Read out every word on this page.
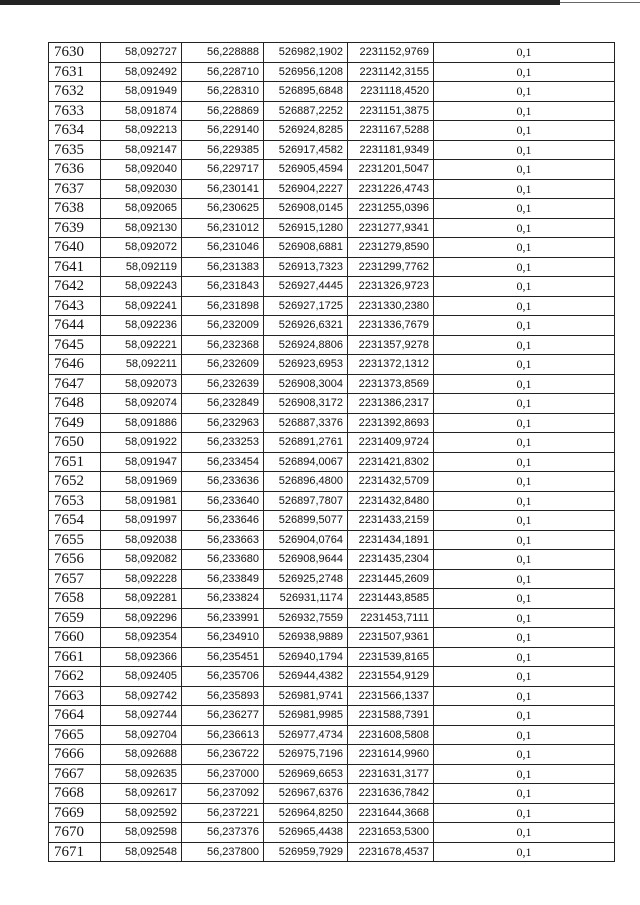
7630	58,092727	56,228888	526982,1902	2231152,9769	0,1
7631	58,092492	56,228710	526956,1208	2231142,3155	0,1
7632	58,091949	56,228310	526895,6848	2231118,4520	0,1
7633	58,091874	56,228869	526887,2252	2231151,3875	0,1
7634	58,092213	56,229140	526924,8285	2231167,5288	0,1
7635	58,092147	56,229385	526917,4582	2231181,9349	0,1
7636	58,092040	56,229717	526905,4594	2231201,5047	0,1
7637	58,092030	56,230141	526904,2227	2231226,4743	0,1
7638	58,092065	56,230625	526908,0145	2231255,0396	0,1
7639	58,092130	56,231012	526915,1280	2231277,9341	0,1
7640	58,092072	56,231046	526908,6881	2231279,8590	0,1
7641	58,092119	56,231383	526913,7323	2231299,7762	0,1
7642	58,092243	56,231843	526927,4445	2231326,9723	0,1
7643	58,092241	56,231898	526927,1725	2231330,2380	0,1
7644	58,092236	56,232009	526926,6321	2231336,7679	0,1
7645	58,092221	56,232368	526924,8806	2231357,9278	0,1
7646	58,092211	56,232609	526923,6953	2231372,1312	0,1
7647	58,092073	56,232639	526908,3004	2231373,8569	0,1
7648	58,092074	56,232849	526908,3172	2231386,2317	0,1
7649	58,091886	56,232963	526887,3376	2231392,8693	0,1
7650	58,091922	56,233253	526891,2761	2231409,9724	0,1
7651	58,091947	56,233454	526894,0067	2231421,8302	0,1
7652	58,091969	56,233636	526896,4800	2231432,5709	0,1
7653	58,091981	56,233640	526897,7807	2231432,8480	0,1
7654	58,091997	56,233646	526899,5077	2231433,2159	0,1
7655	58,092038	56,233663	526904,0764	2231434,1891	0,1
7656	58,092082	56,233680	526908,9644	2231435,2304	0,1
7657	58,092228	56,233849	526925,2748	2231445,2609	0,1
7658	58,092281	56,233824	526931,1174	2231443,8585	0,1
7659	58,092296	56,233991	526932,7559	2231453,7111	0,1
7660	58,092354	56,234910	526938,9889	2231507,9361	0,1
7661	58,092366	56,235451	526940,1794	2231539,8165	0,1
7662	58,092405	56,235706	526944,4382	2231554,9129	0,1
7663	58,092742	56,235893	526981,9741	2231566,1337	0,1
7664	58,092744	56,236277	526981,9985	2231588,7391	0,1
7665	58,092704	56,236613	526977,4734	2231608,5808	0,1
7666	58,092688	56,236722	526975,7196	2231614,9960	0,1
7667	58,092635	56,237000	526969,6653	2231631,3177	0,1
7668	58,092617	56,237092	526967,6376	2231636,7842	0,1
7669	58,092592	56,237221	526964,8250	2231644,3668	0,1
7670	58,092598	56,237376	526965,4438	2231653,5300	0,1
7671	58,092548	56,237800	526959,7929	2231678,4537	0,1
